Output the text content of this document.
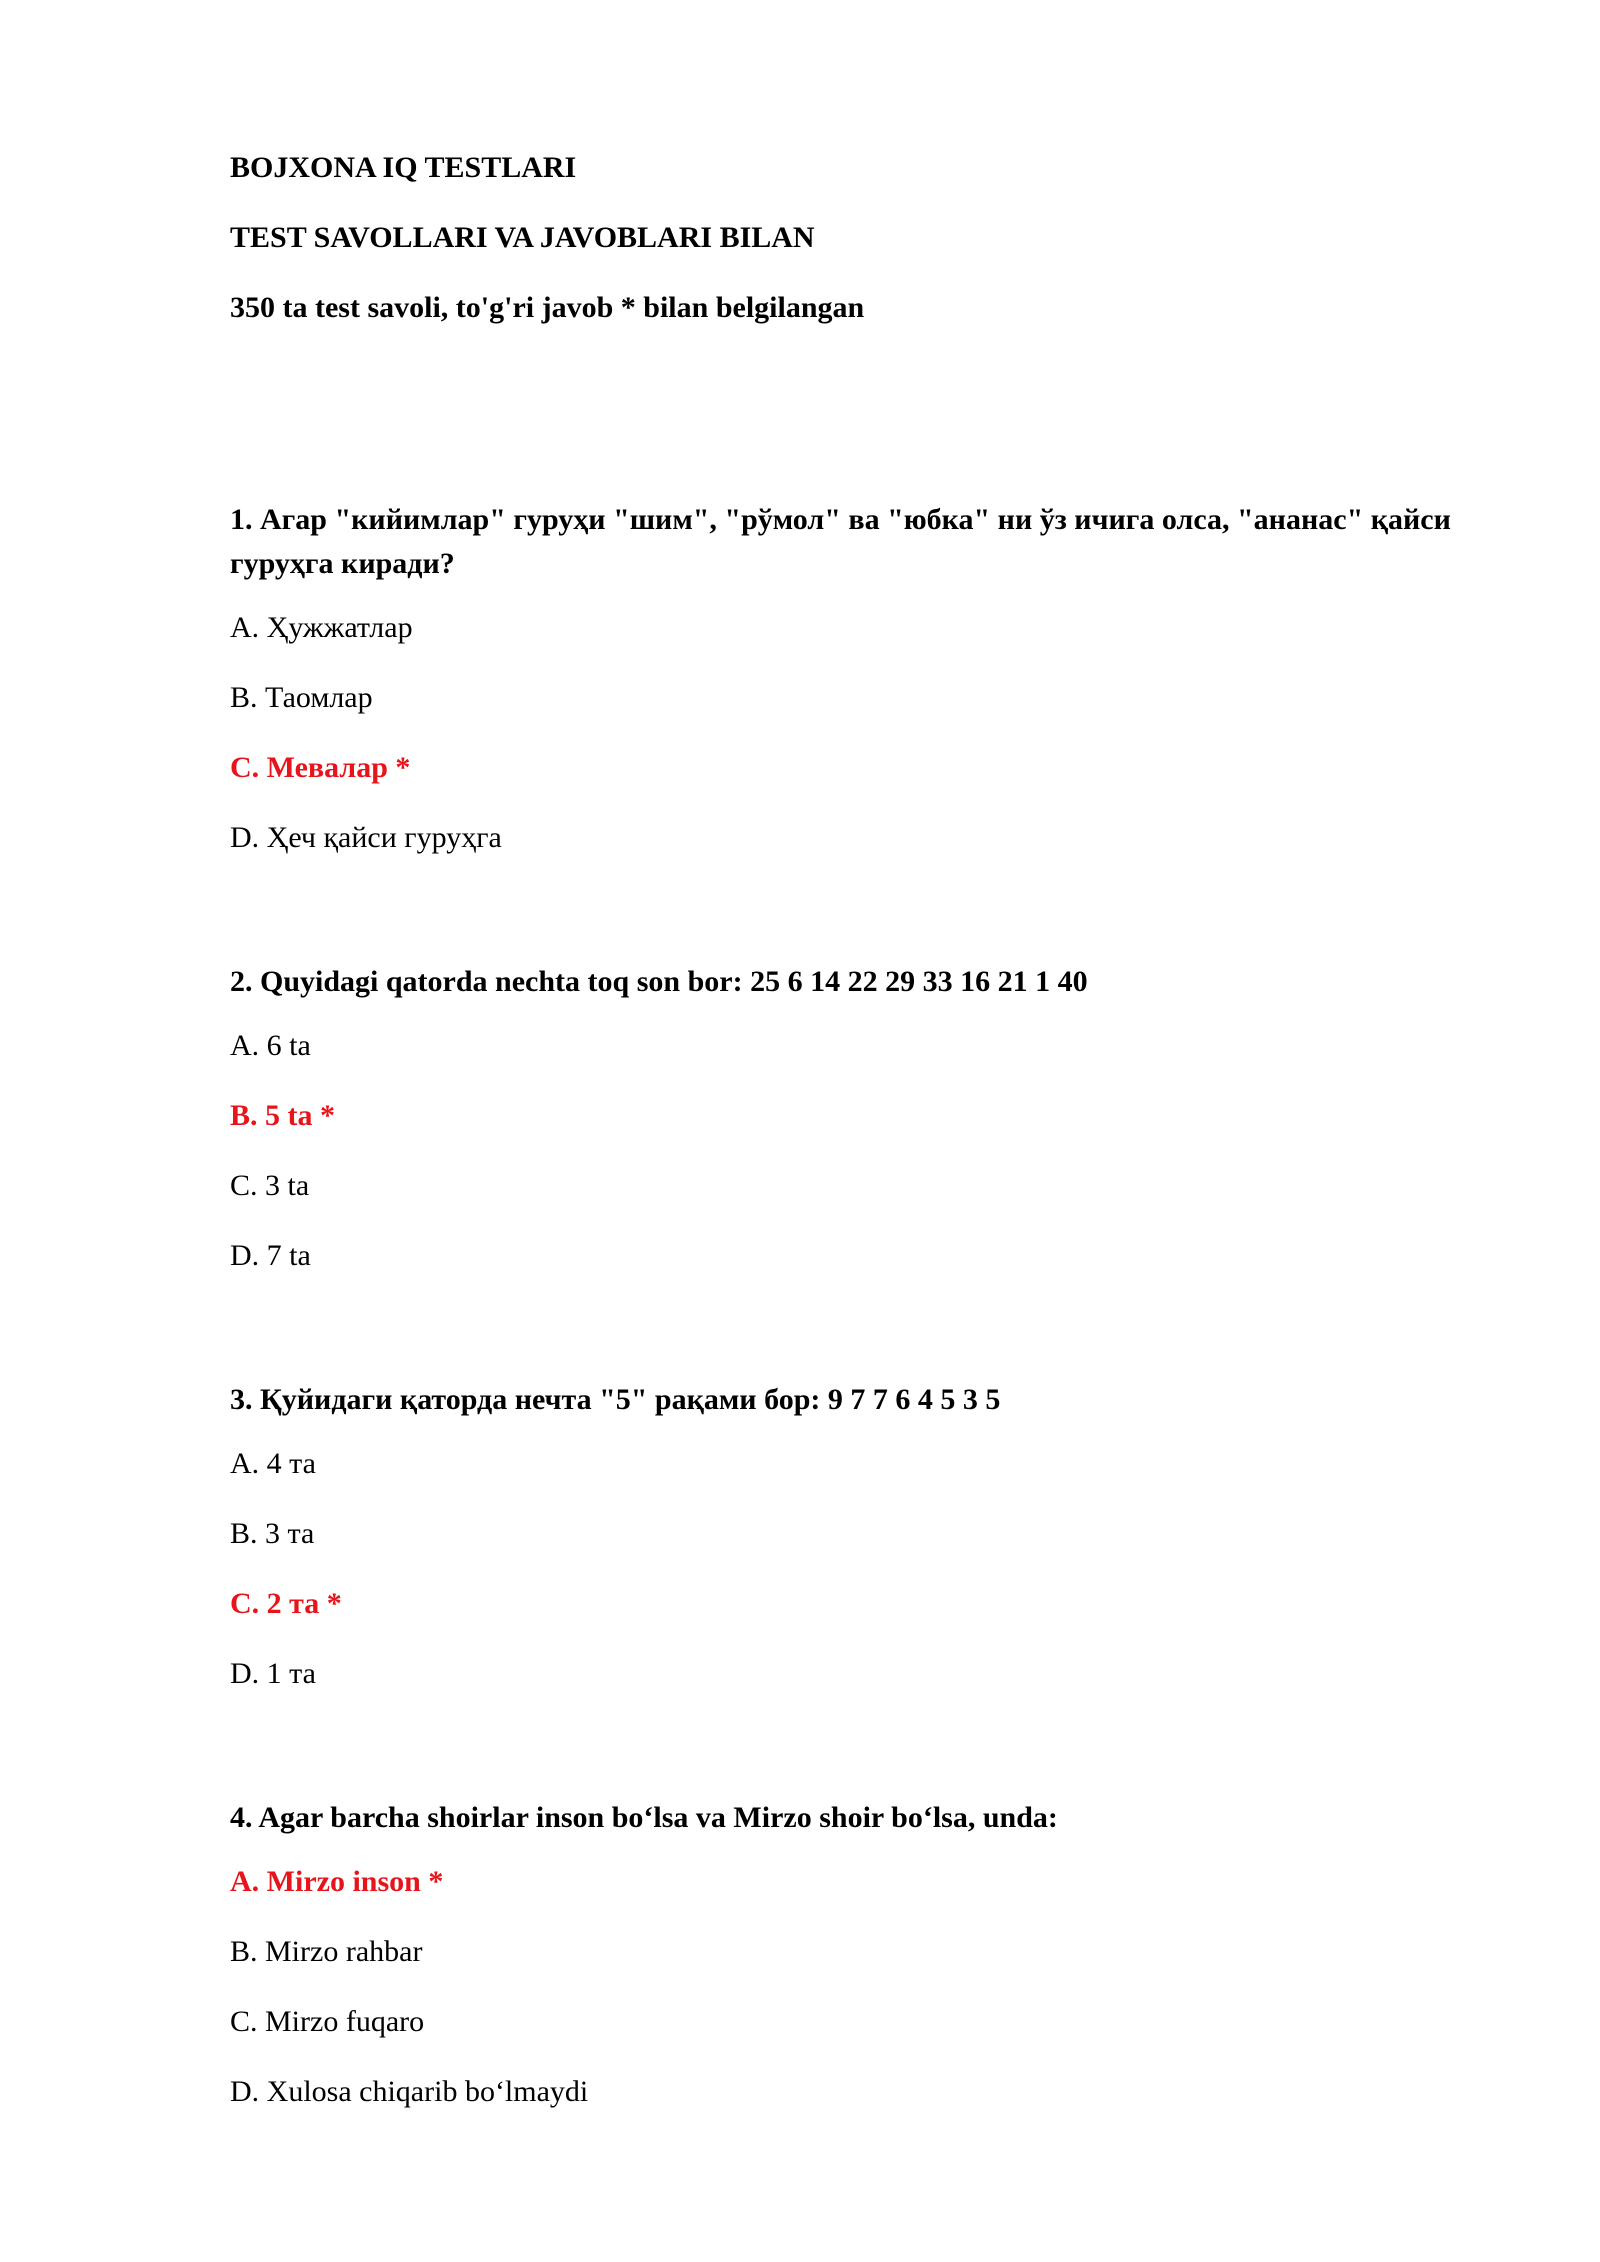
BOJXONA IQ TESTLARI
TEST SAVOLLARI VA JAVOBLARI BILAN
350 ta test savoli, to'g'ri javob * bilan belgilangan
1. Агар "кийимлар" гуруҳи "шим", "рўмол" ва "юбка" ни ўз ичига олса, "ананас" қайси гуруҳга киради?
A. Ҳужжатлар
B. Таомлар
C. Мевалар *
D. Ҳеч қайси гуруҳга
2. Quyidagi qatorda nechta toq son bor: 25 6 14 22 29 33 16 21 1 40
A. 6 ta
B. 5 ta *
C. 3 ta
D. 7 ta
3. Қуйидаги қаторда нечта "5" рақами бор: 9 7 7 6 4 5 3 5
A. 4 та
B. 3 та
C. 2 та *
D. 1 та
4. Agar barcha shoirlar inson bo‘lsa va Mirzo shoir bo‘lsa, unda:
A. Mirzo inson *
B. Mirzo rahbar
C. Mirzo fuqaro
D. Xulosa chiqarib bo‘lmaydi
